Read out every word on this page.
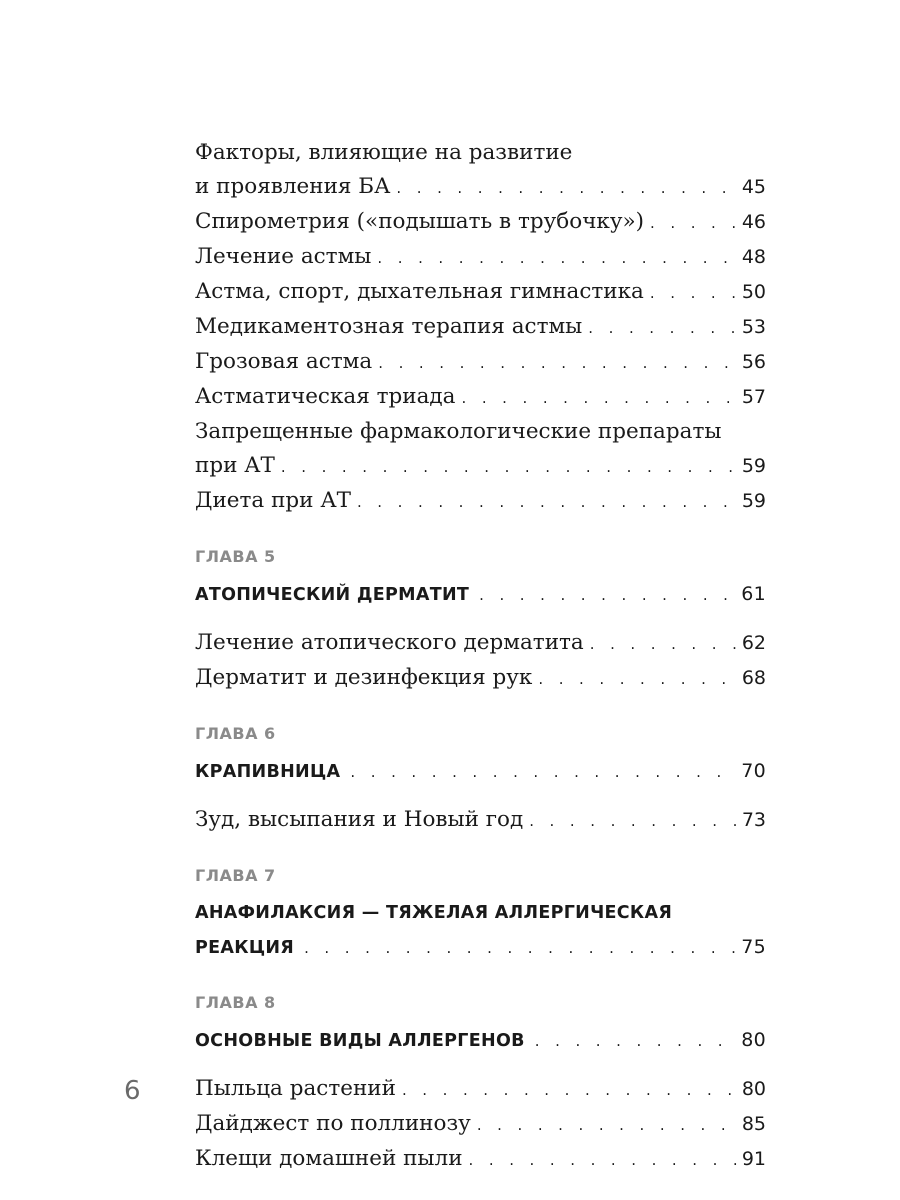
Факторы, влияющие на развитие
и проявления БА . . .	45
Спирометрия («подышать в трубочку») . . .	46
Лечение астмы . . .	48
Астма, спорт, дыхательная гимнастика . . .	50
Медикаментозная терапия астмы . . .	53
Грозовая астма . . .	56
Астматическая триада . . .	57
Запрещенные фармакологические препараты
при АТ . . .	59
Диета при АТ . . .	59
ГЛАВА 5
АТОПИЧЕСКИЙ ДЕРМАТИТ . . .	61
Лечение атопического дерматита . . .	62
Дерматит и дезинфекция рук . . .	68
ГЛАВА 6
КРАПИВНИЦА . . .	70
Зуд, высыпания и Новый год . . .	73
ГЛАВА 7
АНАФИЛАКСИЯ — ТЯЖЕЛАЯ АЛЛЕРГИЧЕСКАЯ
РЕАКЦИЯ . . .	75
ГЛАВА 8
ОСНОВНЫЕ ВИДЫ АЛЛЕРГЕНОВ . . .	80
Пыльца растений . . .	80
Дайджест по поллинозу . . .	85
Клещи домашней пыли . . .	91
6
